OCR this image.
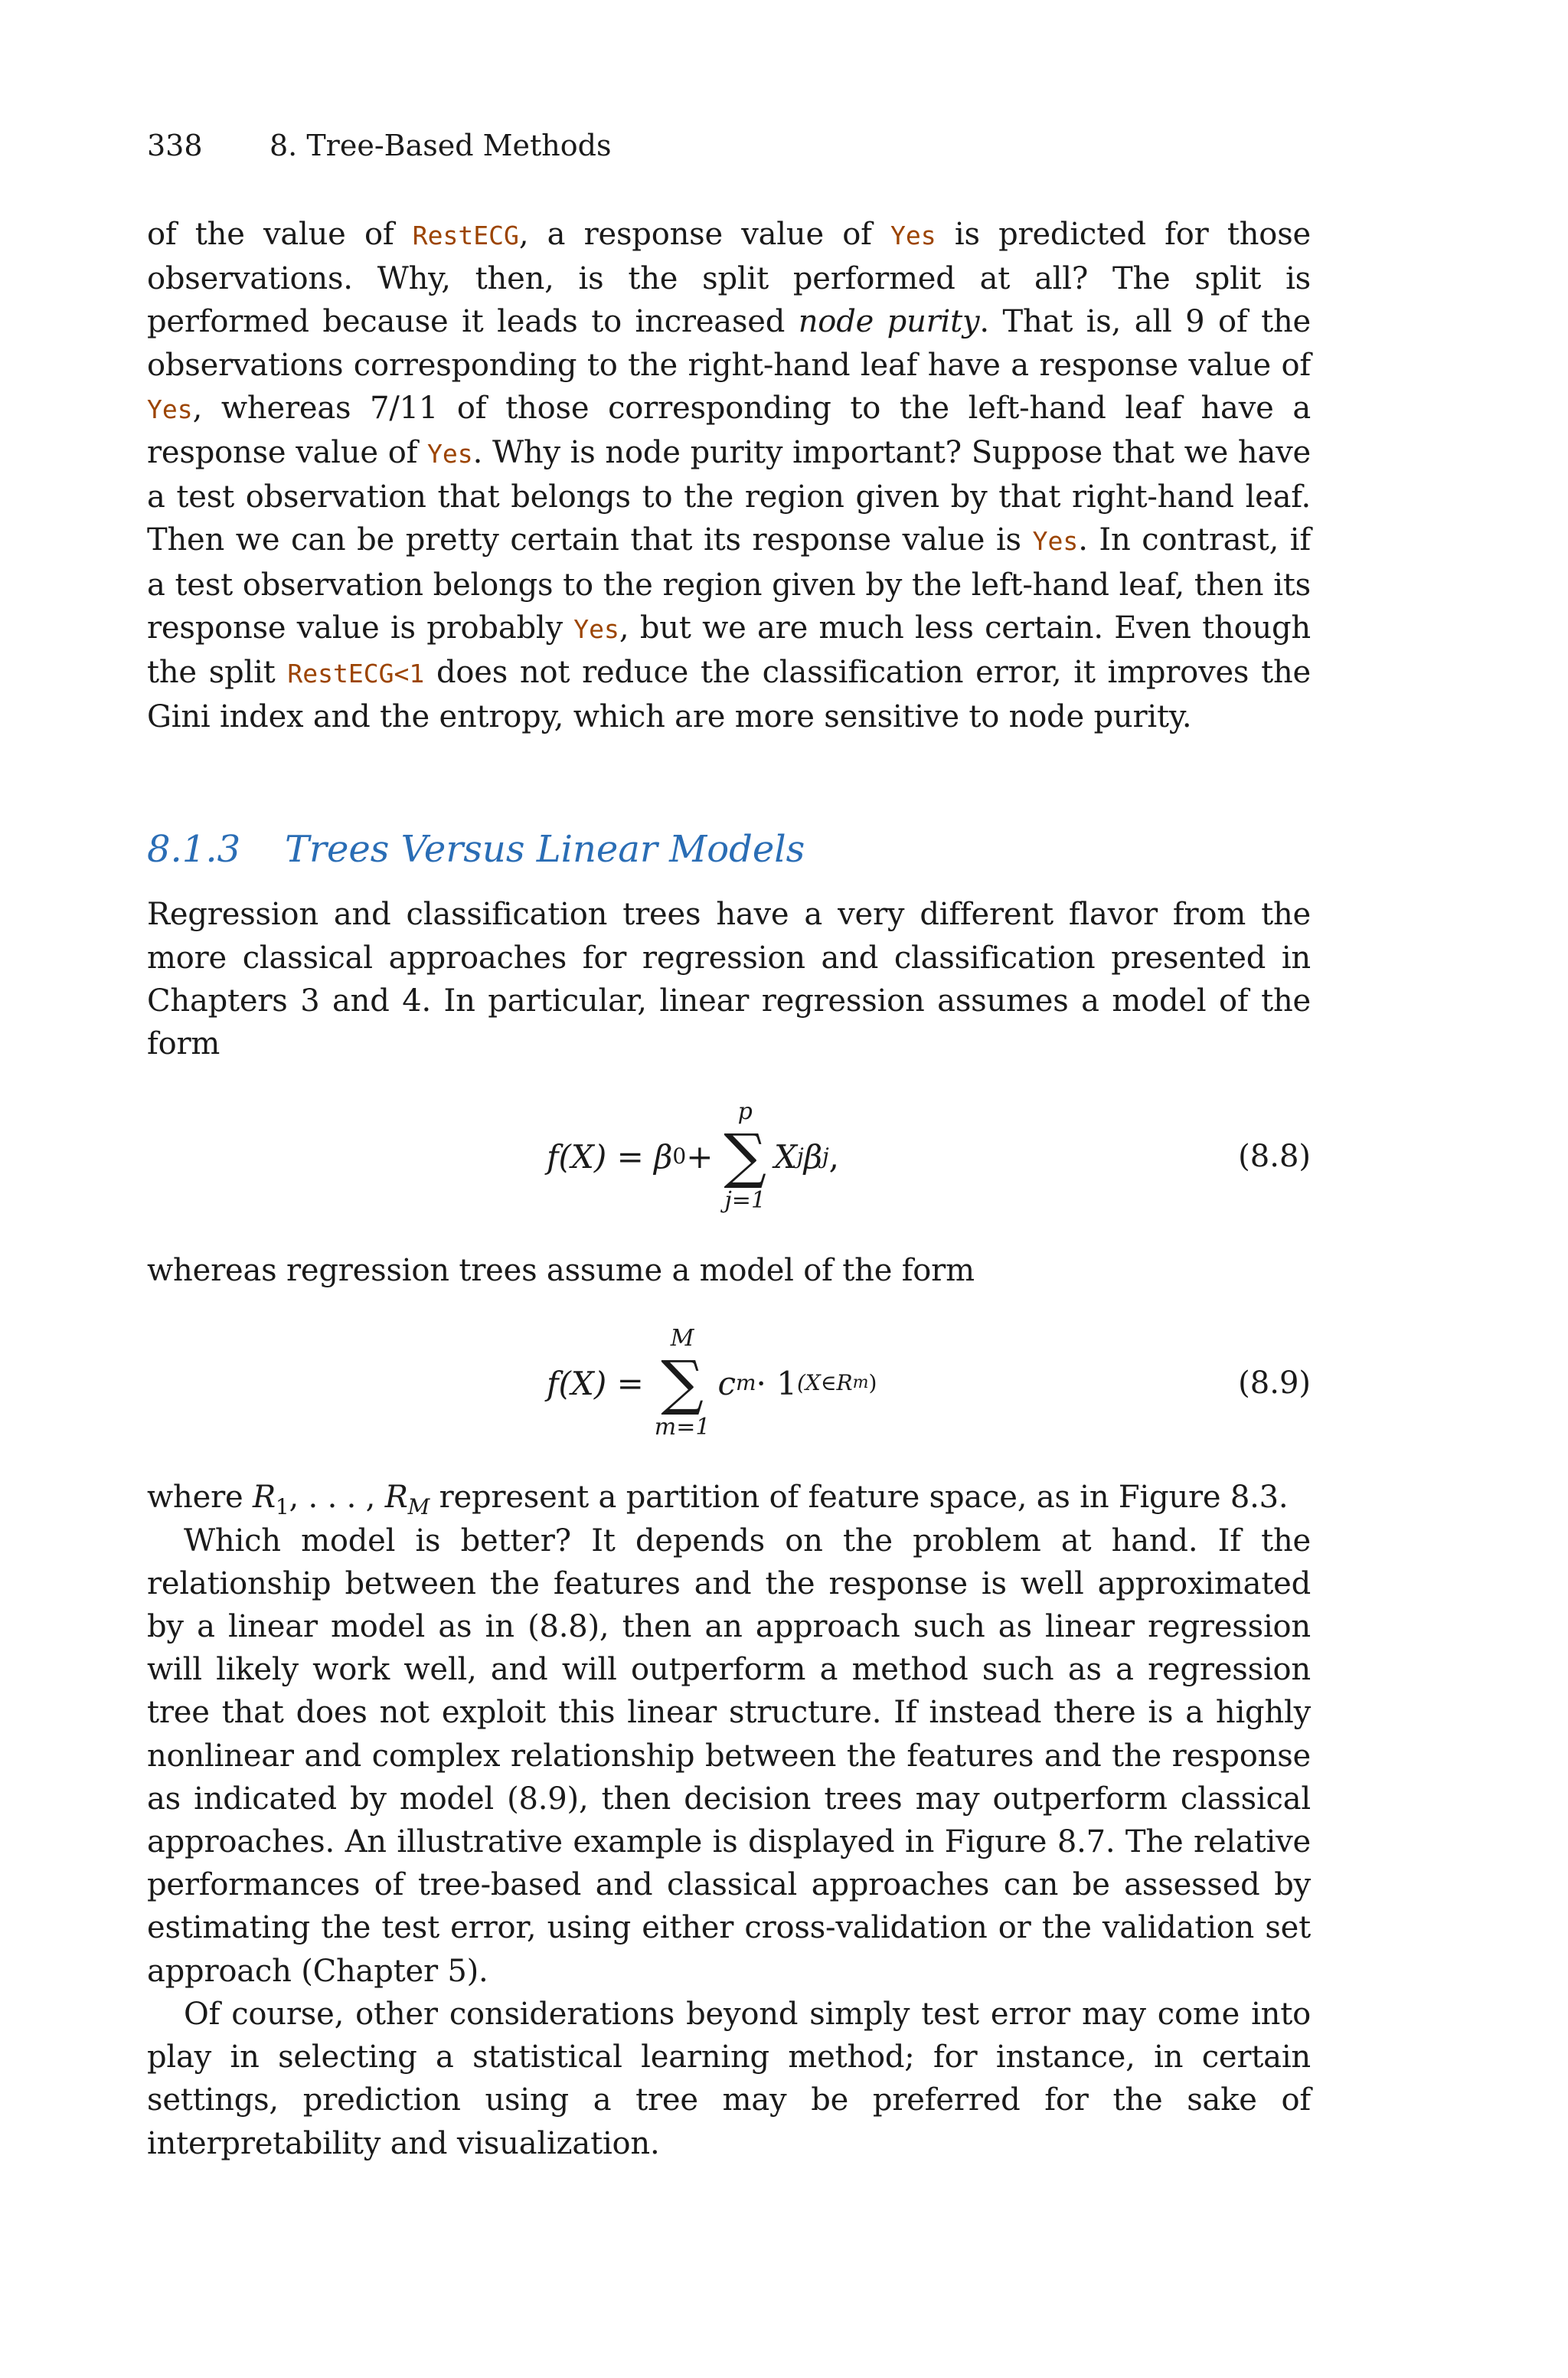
338 8. Tree-Based Methods

of the value of RestECG, a response value of Yes is predicted for those observations. Why, then, is the split performed at all? The split is performed because it leads to increased node purity. That is, all 9 of the observations corresponding to the right-hand leaf have a response value of Yes, whereas 7/11 of those corresponding to the left-hand leaf have a response value of Yes. Why is node purity important? Suppose that we have a test observation that belongs to the region given by that right-hand leaf. Then we can be pretty certain that its response value is Yes. In contrast, if a test observation belongs to the region given by the left-hand leaf, then its response value is probably Yes, but we are much less certain. Even though the split RestECG<1 does not reduce the classification error, it improves the Gini index and the entropy, which are more sensitive to node purity.

8.1.3 Trees Versus Linear Models

Regression and classification trees have a very different flavor from the more classical approaches for regression and classification presented in Chapters 3 and 4. In particular, linear regression assumes a model of the form

f(X) = β 0 +
p
∑
j=1
X j β j ,	(8.8)

whereas regression trees assume a model of the form

f(X) =
M
∑
m=1
c m · 1 (X∈R m )	(8.9)

where $R_1$, . . . , $R_M$ represent a partition of feature space, as in Figure 8.3.

Which model is better? It depends on the problem at hand. If the relationship between the features and the response is well approximated by a linear model as in (8.8), then an approach such as linear regression will likely work well, and will outperform a method such as a regression tree that does not exploit this linear structure. If instead there is a highly nonlinear and complex relationship between the features and the response as indicated by model (8.9), then decision trees may outperform classical approaches. An illustrative example is displayed in Figure 8.7. The relative performances of tree-based and classical approaches can be assessed by estimating the test error, using either cross-validation or the validation set approach (Chapter 5).

Of course, other considerations beyond simply test error may come into play in selecting a statistical learning method; for instance, in certain settings, prediction using a tree may be preferred for the sake of interpretability and visualization.
